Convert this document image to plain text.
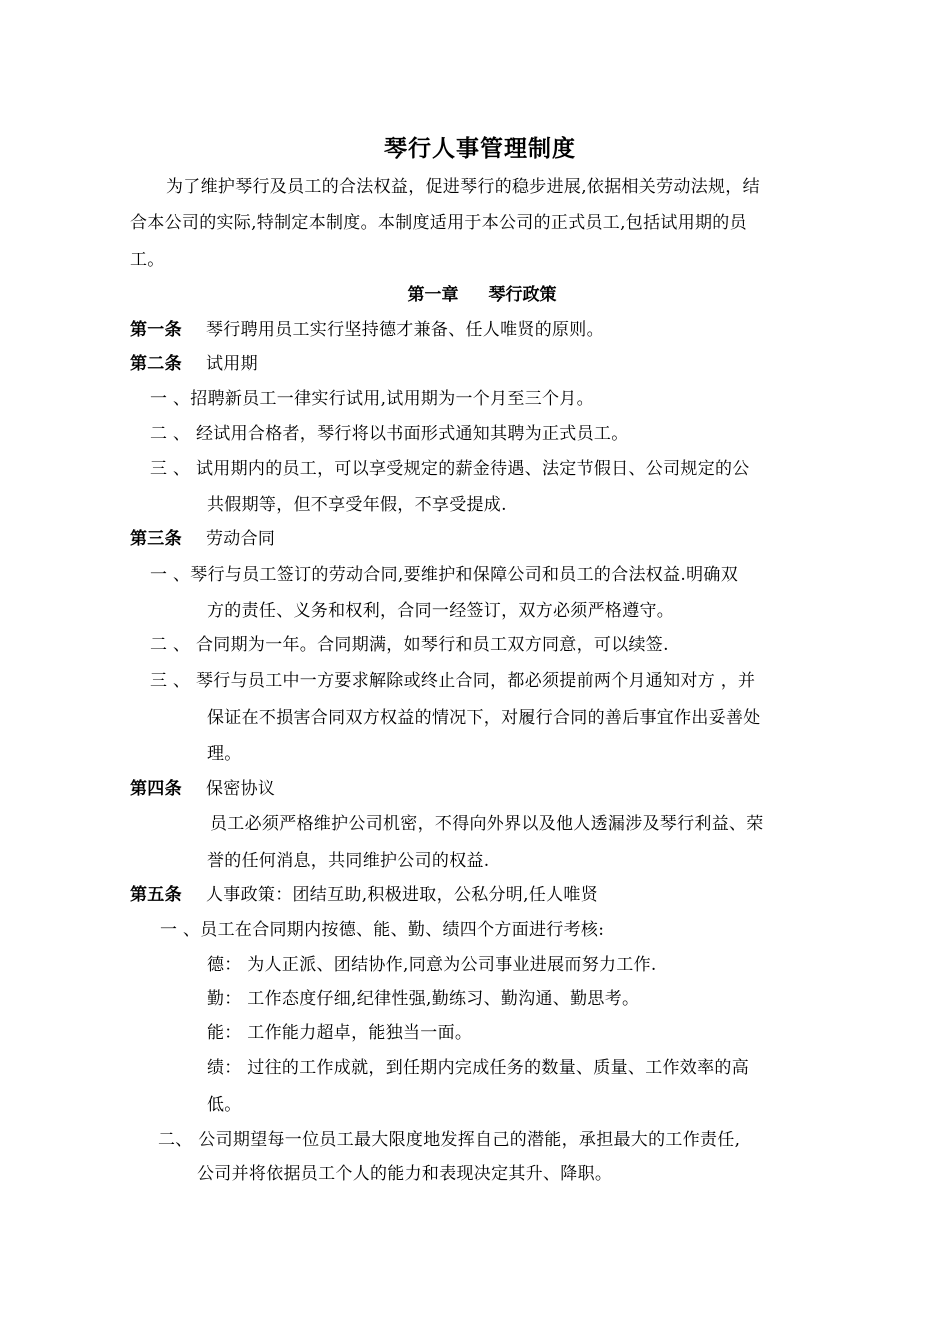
琴行人事管理制度
为了维护琴行及员工的合法权益，促进琴行的稳步进展,依据相关劳动法规，结
合本公司的实际,特制定本制度。本制度适用于本公司的正式员工,包括试用期的员
工。
第一章 琴行政策
第一条 琴行聘用员工实行坚持德才兼备、任人唯贤的原则。
第二条 试用期
一 、招聘新员工一律实行试用,试用期为一个月至三个月。
二 、 经试用合格者，琴行将以书面形式通知其聘为正式员工。
三 、 试用期内的员工，可以享受规定的薪金待遇、法定节假日、公司规定的公
共假期等，但不享受年假，不享受提成.
第三条 劳动合同
一 、琴行与员工签订的劳动合同,要维护和保障公司和员工的合法权益.明确双
方的责任、义务和权利，合同一经签订，双方必须严格遵守。
二 、 合同期为一年。合同期满，如琴行和员工双方同意，可以续签.
三 、 琴行与员工中一方要求解除或终止合同，都必须提前两个月通知对方 ，并
保证在不损害合同双方权益的情况下，对履行合同的善后事宜作出妥善处
理。
第四条 保密协议
员工必须严格维护公司机密，不得向外界以及他人透漏涉及琴行利益、荣
誉的任何消息，共同维护公司的权益.
第五条 人事政策：团结互助,积极进取，公私分明,任人唯贤
一 、员工在合同期内按德、能、勤、绩四个方面进行考核:
德： 为人正派、团结协作,同意为公司事业进展而努力工作.
勤： 工作态度仔细,纪律性强,勤练习、勤沟通、勤思考。
能： 工作能力超卓，能独当一面。
绩： 过往的工作成就，到任期内完成任务的数量、质量、工作效率的高
低。
二、 公司期望每一位员工最大限度地发挥自己的潜能，承担最大的工作责任,
公司并将依据员工个人的能力和表现决定其升、降职。
